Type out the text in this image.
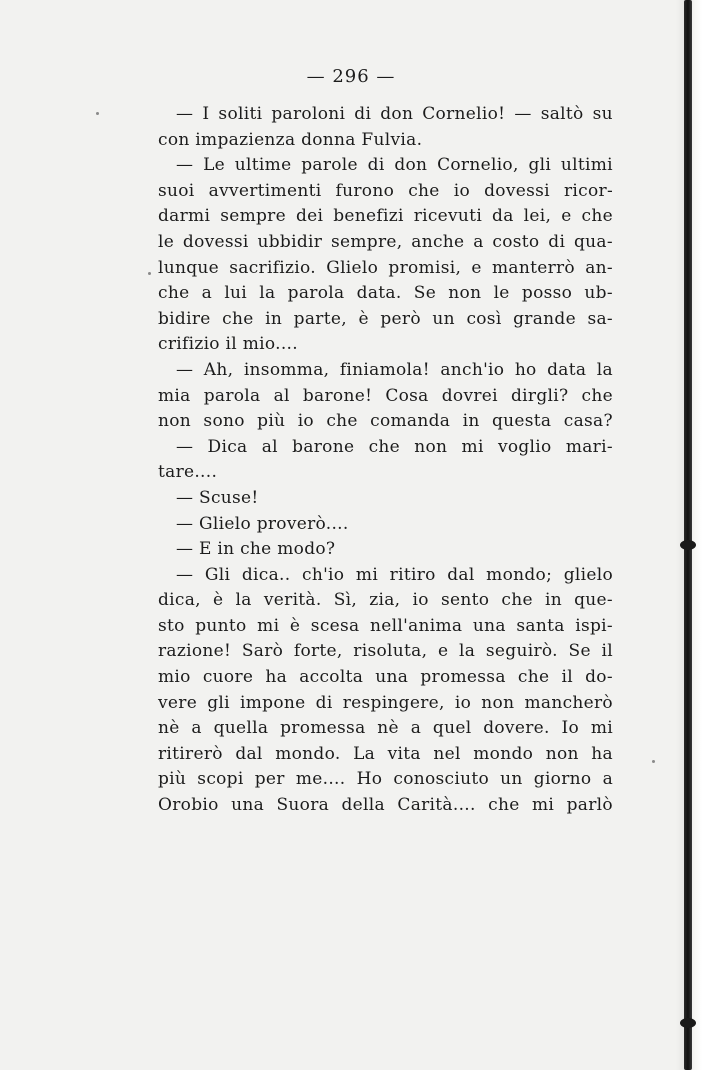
— 296 —
— I soliti paroloni di don Cornelio! — saltò su
con impazienza donna Fulvia.
— Le ultime parole di don Cornelio, gli ultimi
suoi avvertimenti furono che io dovessi ricor-
darmi sempre dei benefizi ricevuti da lei, e che
le dovessi ubbidir sempre, anche a costo di qua-
lunque sacrifizio. Glielo promisi, e manterrò an-
che a lui la parola data. Se non le posso ub-
bidire che in parte, è però un così grande sa-
crifizio il mio....
— Ah, insomma, finiamola! anch'io ho data la
mia parola al barone! Cosa dovrei dirgli? che
non sono più io che comanda in questa casa?
— Dica al barone che non mi voglio mari-
tare....
— Scuse!
— Glielo proverò....
— E in che modo?
— Gli dica.. ch'io mi ritiro dal mondo; glielo
dica, è la verità. Sì, zia, io sento che in que-
sto punto mi è scesa nell'anima una santa ispi-
razione! Sarò forte, risoluta, e la seguirò. Se il
mio cuore ha accolta una promessa che il do-
vere gli impone di respingere, io non mancherò
nè a quella promessa nè a quel dovere. Io mi
ritirerò dal mondo. La vita nel mondo non ha
più scopi per me.... Ho conosciuto un giorno a
Orobio una Suora della Carità.... che mi parlò
